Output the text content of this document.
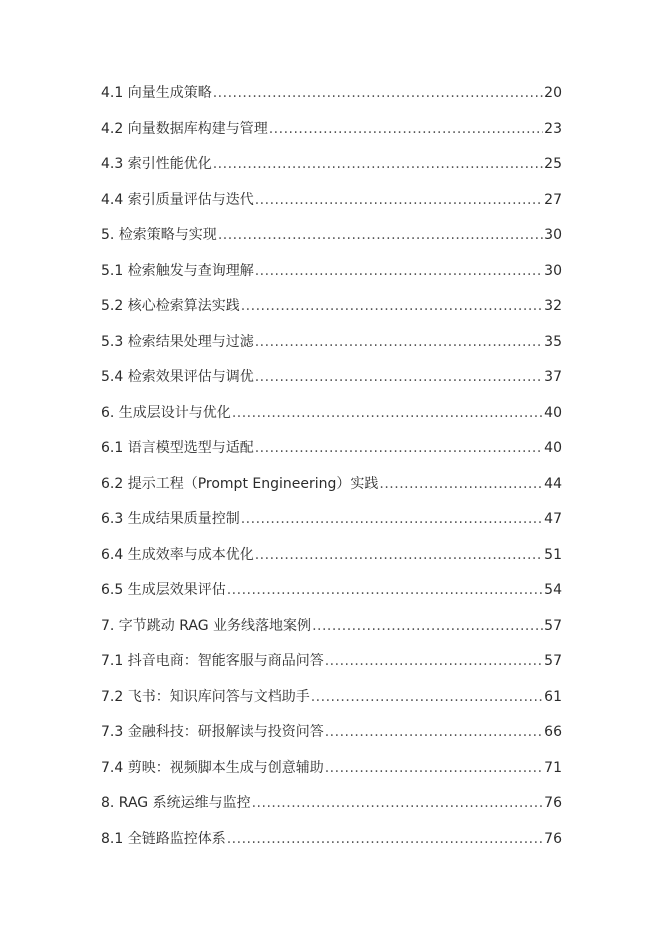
4.1 向量生成策略 .....	20
4.2 向量数据库构建与管理 .....	23
4.3 索引性能优化 .....	25
4.4 索引质量评估与迭代 .....	27
5. 检索策略与实现 .....	30
5.1 检索触发与查询理解 .....	30
5.2 核心检索算法实践 .....	32
5.3 检索结果处理与过滤 .....	35
5.4 检索效果评估与调优 .....	37
6. 生成层设计与优化 .....	40
6.1 语言模型选型与适配 .....	40
6.2 提示工程（Prompt Engineering）实践 .....	44
6.3 生成结果质量控制 .....	47
6.4 生成效率与成本优化 .....	51
6.5 生成层效果评估 .....	54
7. 字节跳动 RAG 业务线落地案例 .....	57
7.1 抖音电商：智能客服与商品问答 .....	57
7.2 飞书：知识库问答与文档助手 .....	61
7.3 金融科技：研报解读与投资问答 .....	66
7.4 剪映：视频脚本生成与创意辅助 .....	71
8. RAG 系统运维与监控 .....	76
8.1 全链路监控体系 .....	76
